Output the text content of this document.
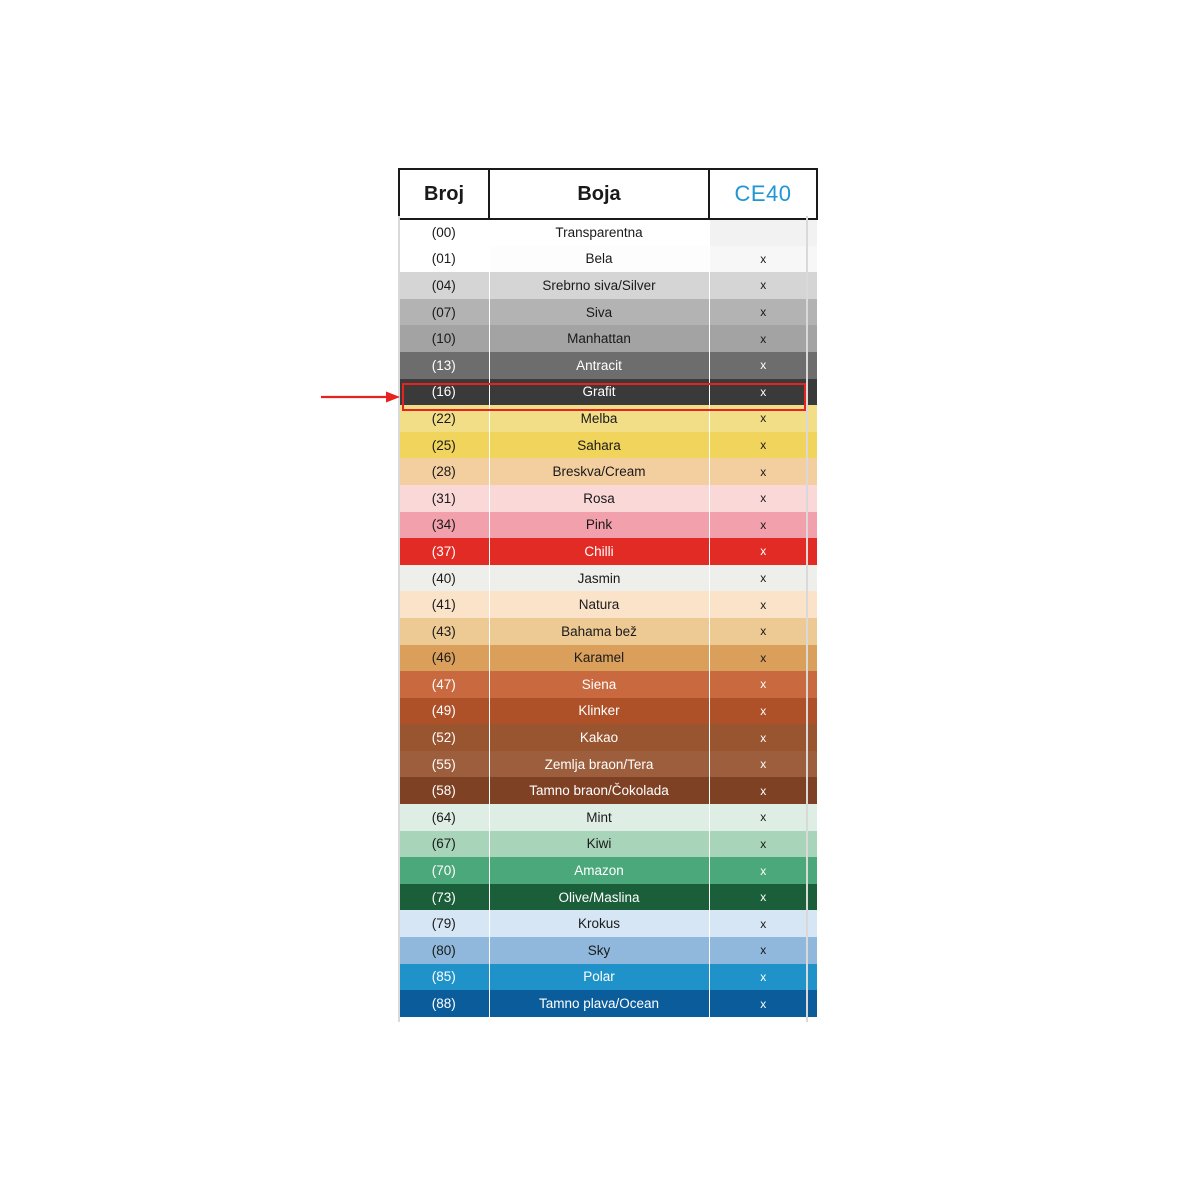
Broj	Boja	CE40
(00)	Transparentna	
(01)	Bela	x
(04)	Srebrno siva/Silver	x
(07)	Siva	x
(10)	Manhattan	x
(13)	Antracit	x
(16)	Grafit	x
(22)	Melba	x
(25)	Sahara	x
(28)	Breskva/Cream	x
(31)	Rosa	x
(34)	Pink	x
(37)	Chilli	x
(40)	Jasmin	x
(41)	Natura	x
(43)	Bahama bež	x
(46)	Karamel	x
(47)	Siena	x
(49)	Klinker	x
(52)	Kakao	x
(55)	Zemlja braon/Tera	x
(58)	Tamno braon/Čokolada	x
(64)	Mint	x
(67)	Kiwi	x
(70)	Amazon	x
(73)	Olive/Maslina	x
(79)	Krokus	x
(80)	Sky	x
(85)	Polar	x
(88)	Tamno plava/Ocean	x
